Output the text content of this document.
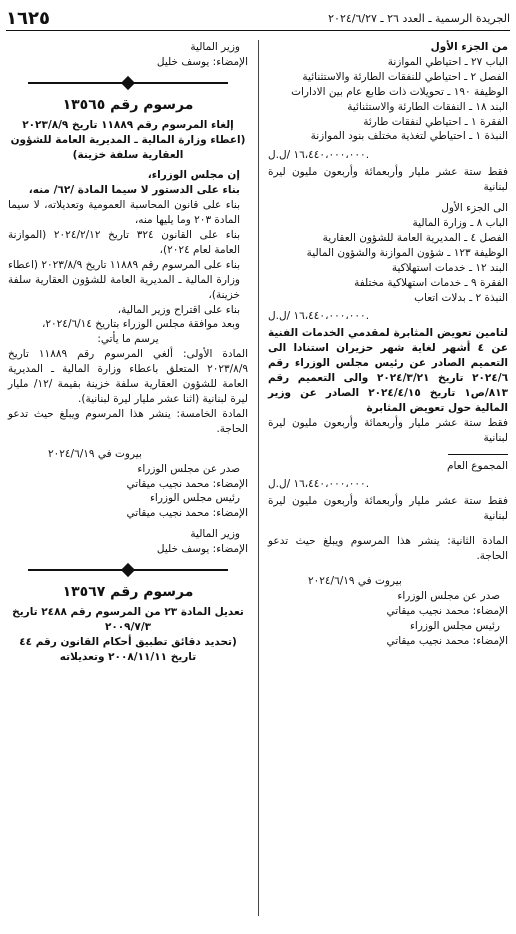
الجريدة الرسمية ـ العدد ٢٦ ـ ٢٠٢٤/٦/٢٧
١٦٢٥

من الجزء الأول

الباب ٢٧ ـ احتياطي الموازنة

الفصل ٢ ـ احتياطي للنفقات الطارئة والاستثنائية

الوظيفة ١٩٠ ـ تحويلات ذات طابع عام بين الادارات

البند ١٨ ـ النفقات الطارئة والاستثنائية

الفقرة ١ ـ احتياطي لنفقات طارئة

النبذة ١ ـ احتياطي لتغذية مختلف بنود الموازنة

١٦،٤٤٠،٠٠٠،٠٠٠ /ل.ل.

فقط ستة عشر مليار وأربعمائة وأربعون مليون ليرة لبنانية

الى الجزء الأول

الباب ٨ ـ وزارة المالية

الفصل ٤ ـ المديرية العامة للشؤون العقارية

الوظيفة ١٢٣ ـ شؤون الموازنة والشؤون المالية

البند ١٢ ـ خدمات استهلاكية

الفقرة ٩ ـ خدمات استهلاكية مختلفة

النبذة ٢ ـ بدلات اتعاب

١٦،٤٤٠،٠٠٠،٠٠٠ /ل.ل.

لتامين تعويض المثابرة لمقدمي الخدمات الفنية عن ٤ أشهر لغاية شهر حزيران استنادا الى التعميم الصادر عن رئيس مجلس الوزراء رقم ٢٠٢٤/٦ تاريخ ٢٠٢٤/٣/٢١ والى التعميم رقم ٨١٣/ص١ تاريخ ٢٠٢٤/٤/١٥ الصادر عن وزير المالية حول تعويض المثابرة

فقط ستة عشر مليار وأربعمائة وأربعون مليون ليرة لبنانية

المجموع العام
١٦،٤٤٠،٠٠٠،٠٠٠ /ل.ل.

فقط ستة عشر مليار وأربعمائة وأربعون مليون ليرة لبنانية

المادة الثانية: ينشر هذا المرسوم ويبلغ حيث تدعو الحاجة.

بيروت في ٢٠٢٤/٦/١٩

صدر عن مجلس الوزراء

الإمضاء: محمد نجيب ميقاتي

رئيس مجلس الوزراء

الإمضاء: محمد نجيب ميقاتي

وزير المالية

الإمضاء: يوسف خليل

مرسوم رقم ١٣٥٦٥

إلغاء المرسوم رقم ١١٨٨٩ تاريخ ٢٠٢٣/٨/٩

(اعطاء وزارة المالية ـ المديرية العامة للشؤون العقارية سلفة خزينة)

إن مجلس الوزراء،

بناء على الدستور لا سيما المادة /٦٢/ منه،

بناء على قانون المحاسبة العمومية وتعديلاته، لا سيما المادة ٢٠٣ وما يليها منه،

بناء على القانون ٣٢٤ تاريخ ٢٠٢٤/٢/١٢ (الموازنة العامة لعام ٢٠٢٤)،

بناء على المرسوم رقم ١١٨٨٩ تاريخ ٢٠٢٣/٨/٩ (اعطاء وزارة المالية ـ المديرية العامة للشؤون العقارية سلفة خزينة)،

بناء على اقتراح وزير المالية،

وبعد موافقة مجلس الوزراء بتاريخ ٢٠٢٤/٦/١٤،

يرسم ما يأتي:

المادة الأولى: ألغي المرسوم رقم ١١٨٨٩ تاريخ ٢٠٢٣/٨/٩ المتعلق باعطاء وزارة المالية ـ المديرية العامة للشؤون العقارية سلفة خزينة بقيمة /١٢/ مليار ليرة لبنانية (اثنا عشر مليار ليرة لبنانية).

المادة الخامسة: ينشر هذا المرسوم ويبلغ حيث تدعو الحاجة.

بيروت في ٢٠٢٤/٦/١٩

صدر عن مجلس الوزراء

الإمضاء: محمد نجيب ميقاتي

رئيس مجلس الوزراء

الإمضاء: محمد نجيب ميقاتي

وزير المالية

الإمضاء: يوسف خليل

مرسوم رقم ١٣٥٦٧

تعديل المادة ٢٣ من المرسوم رقم ٢٤٨٨ تاريخ ٢٠٠٩/٧/٣

(تحديد دقائق تطبيق أحكام القانون رقم ٤٤ تاريخ ٢٠٠٨/١١/١١ وتعديلاته
